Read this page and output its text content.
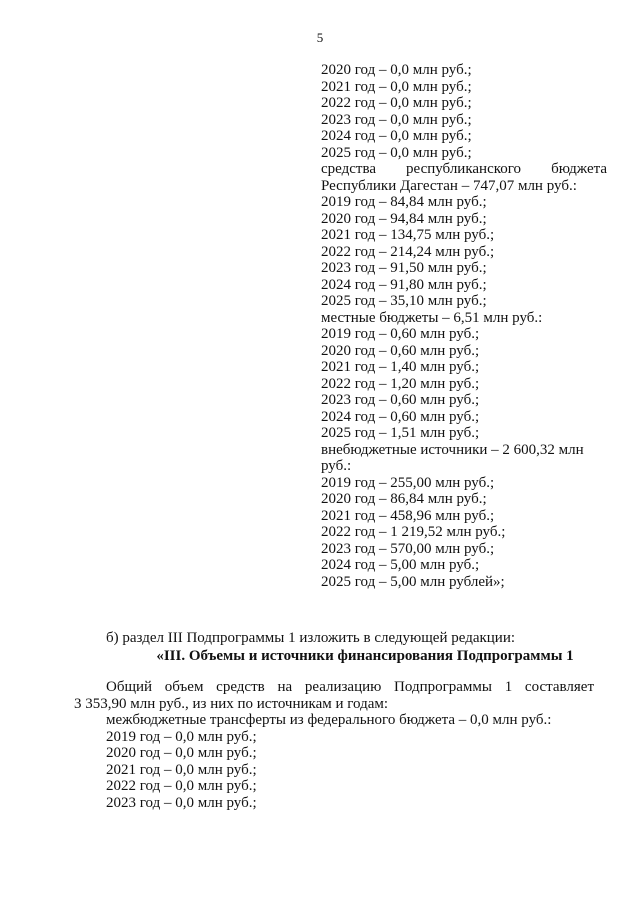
5
2020 год – 0,0 млн руб.;
2021 год – 0,0 млн руб.;
2022 год – 0,0 млн руб.;
2023 год – 0,0 млн руб.;
2024 год – 0,0 млн руб.;
2025 год – 0,0 млн руб.;
средства республиканского бюджета
Республики Дагестан – 747,07 млн руб.:
2019 год – 84,84 млн руб.;
2020 год – 94,84 млн руб.;
2021 год – 134,75 млн руб.;
2022 год – 214,24 млн руб.;
2023 год – 91,50 млн руб.;
2024 год – 91,80 млн руб.;
2025 год – 35,10 млн руб.;
местные бюджеты – 6,51 млн руб.:
2019 год – 0,60 млн руб.;
2020 год – 0,60 млн руб.;
2021 год – 1,40 млн руб.;
2022 год – 1,20 млн руб.;
2023 год – 0,60 млн руб.;
2024 год – 0,60 млн руб.;
2025 год – 1,51 млн руб.;
внебюджетные источники – 2 600,32 млн
руб.:
2019 год – 255,00 млн руб.;
2020 год – 86,84 млн руб.;
2021 год – 458,96 млн руб.;
2022 год – 1 219,52 млн руб.;
2023 год – 570,00 млн руб.;
2024 год – 5,00 млн руб.;
2025 год – 5,00 млн рублей»;
б) раздел III Подпрограммы 1 изложить в следующей редакции:
«III. Объемы и источники финансирования Подпрограммы 1
Общий объем средств на реализацию Подпрограммы 1 составляет
3 353,90 млн руб., из них по источникам и годам:
межбюджетные трансферты из федерального бюджета – 0,0 млн руб.:
2019 год – 0,0 млн руб.;
2020 год – 0,0 млн руб.;
2021 год – 0,0 млн руб.;
2022 год – 0,0 млн руб.;
2023 год – 0,0 млн руб.;
